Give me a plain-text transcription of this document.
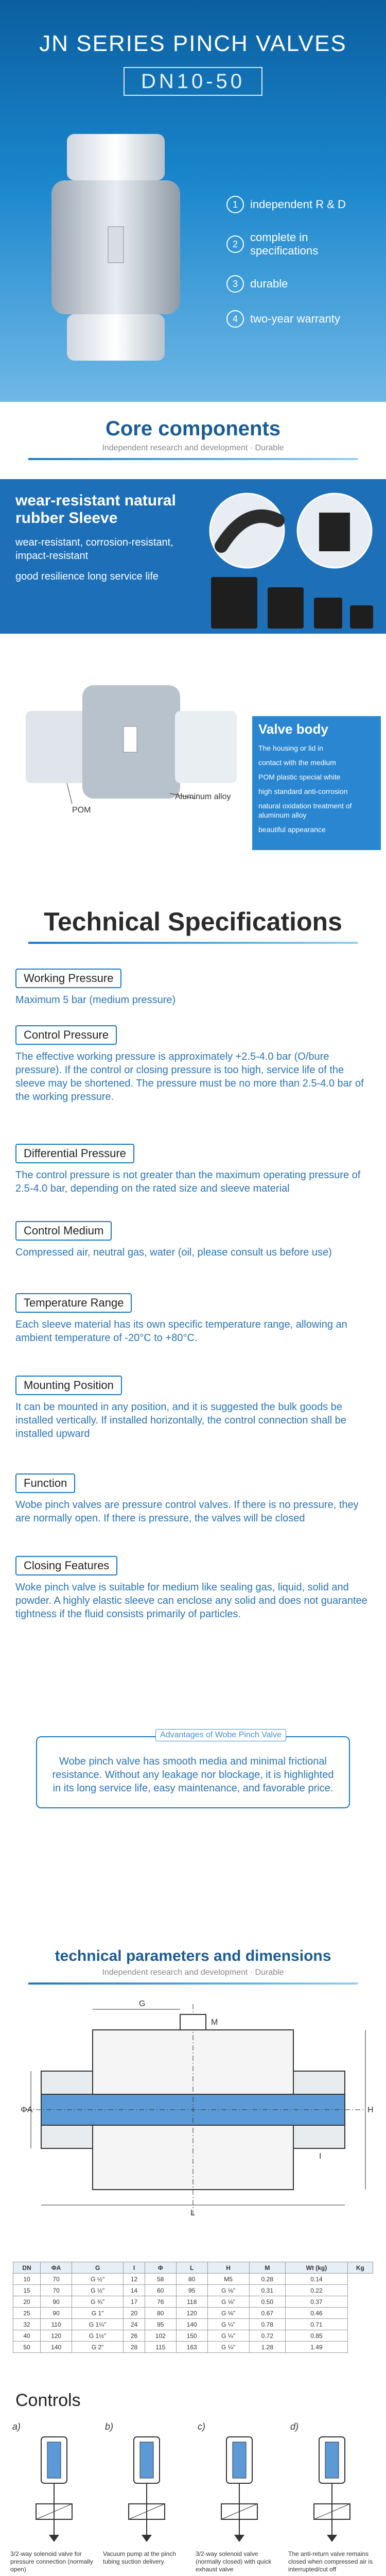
JN SERIES PINCH VALVES
DN10-50
1	independent R & D
2
complete in specifications
3	durable
4	two-year warranty
Core components
Independent research and development · Durable
wear-resistant natural rubber Sleeve

wear-resistant, corrosion-resistant, impact-resistant

good resilience long service life

Aluminum alloy
POM
Valve body

The housing or lid in

contact with the medium

POM plastic special white

high standard anti-corrosion

natural oxidation treatment of aluminum alloy

beautiful appearance

Technical Specifications
Working Pressure

Maximum 5 bar (medium pressure)

Control Pressure

The effective working pressure is approximately +2.5-4.0 bar (O/bure pressure). If the control or closing pressure is too high, service life of the sleeve may be shortened. The pressure must be no more than 2.5-4.0 bar of the working pressure.

Differential Pressure

The control pressure is not greater than the maximum operating pressure of 2.5-4.0 bar, depending on the rated size and sleeve material

Control Medium

Compressed air, neutral gas, water (oil, please consult us before use)

Temperature Range

Each sleeve material has its own specific temperature range, allowing an ambient temperature of -20°C to +80°C.

Mounting Position

It can be mounted in any position, and it is suggested the bulk goods be installed vertically. If installed horizontally, the control connection shall be installed upward

Function

Wobe pinch valves are pressure control valves. If there is no pressure, they are normally open. If there is pressure, the valves will be closed

Closing Features

Woke pinch valve is suitable for medium like sealing gas, liquid, solid and powder. A highly elastic sleeve can enclose any solid and does not guarantee tightness if the fluid consists primarily of particles.

Advantages of Wobe Pinch Valve

Wobe pinch valve has smooth media and minimal frictional resistance. Without any leakage nor blockage, it is highlighted in its long service life, easy maintenance, and favorable price.

technical parameters and dimensions
Independent research and development · Durable
ΦA
I
L
H
G
M
DN	ΦA	G	I	Φ	L	H	M	Wt (kg)	Kg
10	70	G ½"	12	58	80	M5	0.28	0.14	
15	70	G ½"	14	60	95	G ⅛"	0.31	0.22	
20	90	G ¾"	17	76	118	G ⅛"	0.50	0.37	
25	90	G 1"	20	80	120	G ⅛"	0.67	0.46	
32	110	G 1¼"	24	95	140	G ¼"	0.78	0.71	
40	120	G 1½"	26	102	150	G ¼"	0.72	0.85	
50	140	G 2"	28	115	163	G ¼"	1.28	1.49	
Controls
a)
3/2-way solenoid valve for pressure connection (normally open)
b)
Vacuum pump at the pinch tubing suction delivery
c)
3/2-way solenoid valve (normally closed) with quick exhaust valve
d)
The anti-return valve remains closed when compressed air is interrupted/cut off
